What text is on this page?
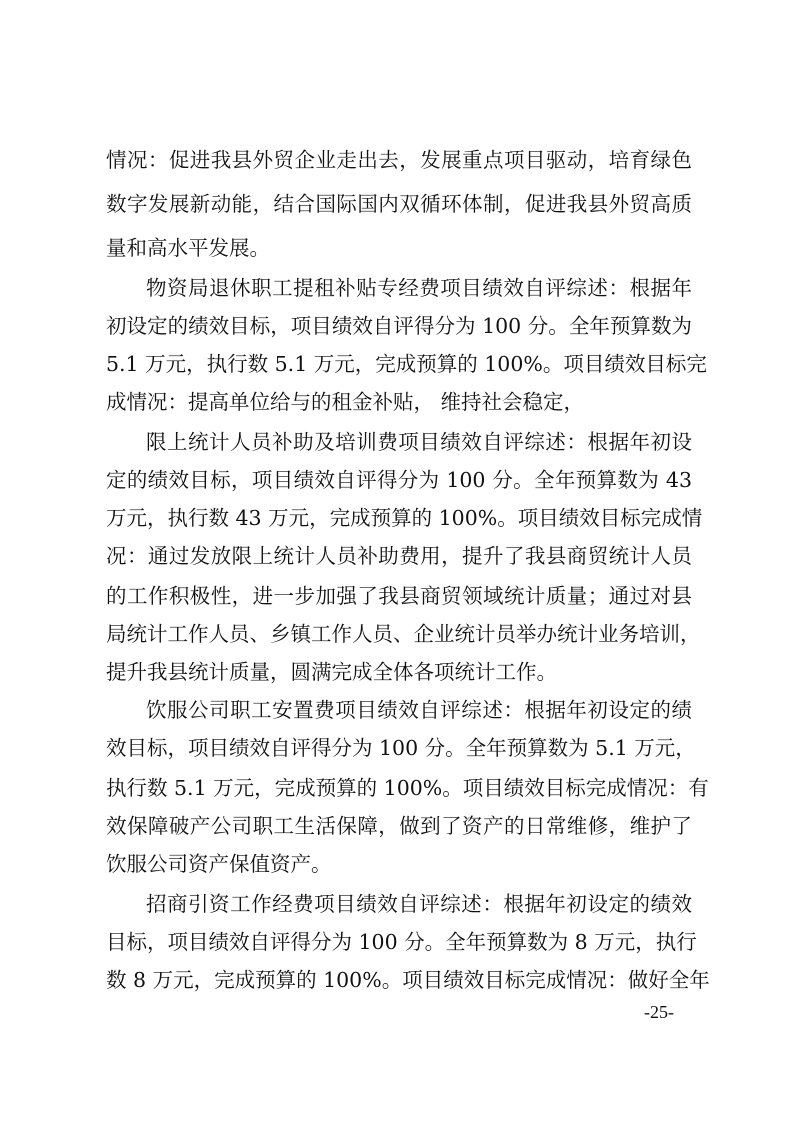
情况：促进我县外贸企业走出去，发展重点项目驱动，培育绿色
数字发展新动能，结合国际国内双循环体制，促进我县外贸高质
量和高水平发展。
物资局退休职工提租补贴专经费项目绩效自评综述：根据年
初设定的绩效目标，项目绩效自评得分为 100 分。全年预算数为
5.1 万元，执行数 5.1 万元，完成预算的 100%。项目绩效目标完
成情况：提高单位给与的租金补贴， 维持社会稳定，
限上统计人员补助及培训费项目绩效自评综述：根据年初设
定的绩效目标，项目绩效自评得分为 100 分。全年预算数为 43
万元，执行数 43 万元，完成预算的 100%。项目绩效目标完成情
况：通过发放限上统计人员补助费用，提升了我县商贸统计人员
的工作积极性，进一步加强了我县商贸领域统计质量；通过对县
局统计工作人员、乡镇工作人员、企业统计员举办统计业务培训，
提升我县统计质量，圆满完成全体各项统计工作。
饮服公司职工安置费项目绩效自评综述：根据年初设定的绩
效目标，项目绩效自评得分为 100 分。全年预算数为 5.1 万元，
执行数 5.1 万元，完成预算的 100%。项目绩效目标完成情况：有
效保障破产公司职工生活保障，做到了资产的日常维修，维护了
饮服公司资产保值资产。
招商引资工作经费项目绩效自评综述：根据年初设定的绩效
目标，项目绩效自评得分为 100 分。全年预算数为 8 万元，执行
数 8 万元，完成预算的 100%。项目绩效目标完成情况：做好全年
-25-
